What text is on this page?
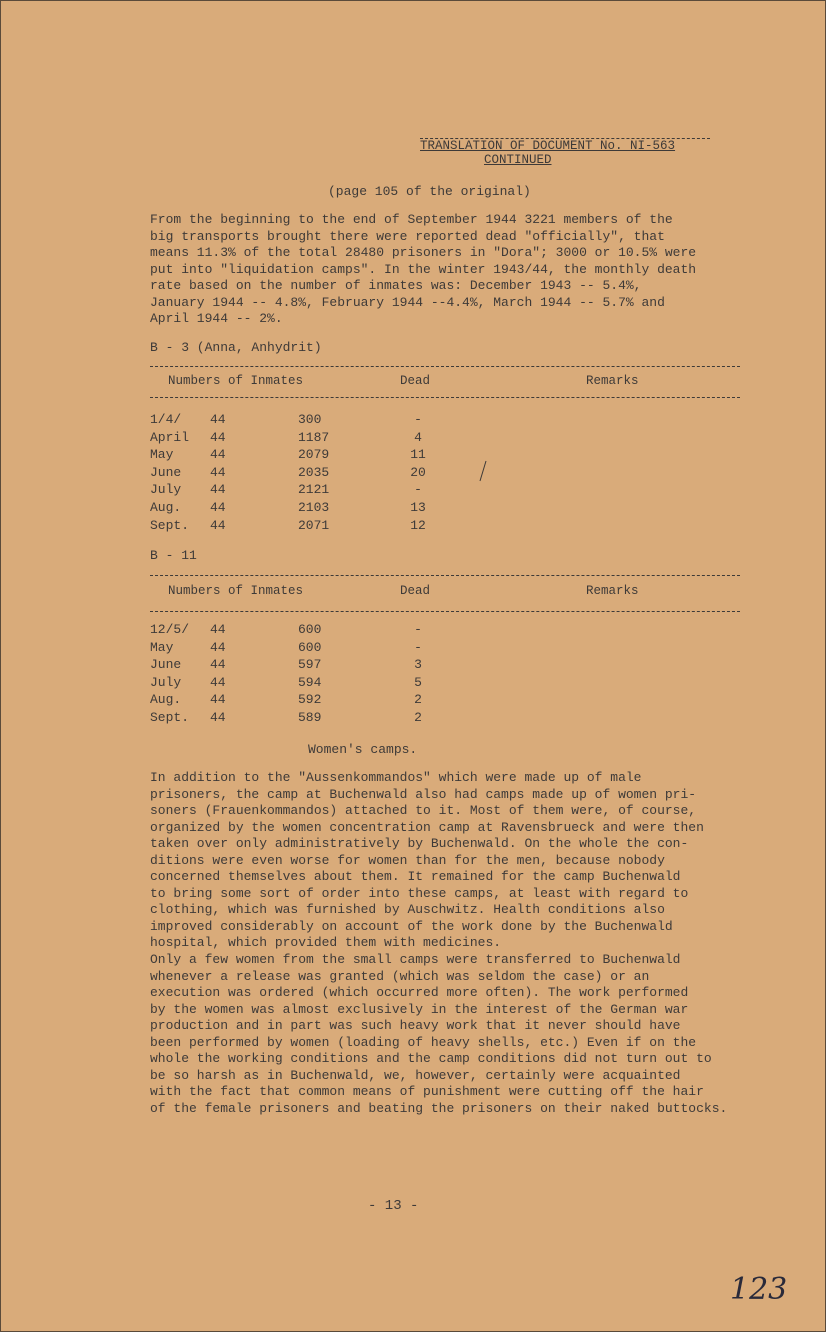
TRANSLATION OF DOCUMENT No. NI-563
CONTINUED
(page 105 of the original)
From the beginning to the end of September 1944 3221 members of the
big transports brought there were reported dead "officially", that
means 11.3% of the total 28480 prisoners in "Dora"; 3000 or 10.5% were
put into "liquidation camps". In the winter 1943/44, the monthly death
rate based on the number of inmates was: December 1943 -- 5.4%,
January 1944 -- 4.8%, February 1944 --4.4%, March 1944 -- 5.7% and
April 1944 -- 2%.
B - 3 (Anna, Anhydrit)
Numbers of Inmates	Dead	Remarks
1/4/ 44	300	-
April 44	1187	4
May	44	2079	11
June 44	2035	20
July 44	2121	-
Aug. 44	2103	13
Sept. 44	2071	12
B - 11
Numbers of Inmates	Dead	Remarks
12/5/ 44	600	-
May	44	600	-
June 44	597	3
July 44	594	5
Aug. 44	592	2
Sept. 44	589	2
Women's camps.
In addition to the "Aussenkommandos" which were made up of male
prisoners, the camp at Buchenwald also had camps made up of women pri-
soners (Frauenkommandos) attached to it. Most of them were, of course,
organized by the women concentration camp at Ravensbrueck and were then
taken over only administratively by Buchenwald. On the whole the con-
ditions were even worse for women than for the men, because nobody
concerned themselves about them. It remained for the camp Buchenwald
to bring some sort of order into these camps, at least with regard to
clothing, which was furnished by Auschwitz. Health conditions also
improved considerably on account of the work done by the Buchenwald
hospital, which provided them with medicines.
Only a few women from the small camps were transferred to Buchenwald
whenever a release was granted (which was seldom the case) or an
execution was ordered (which occurred more often). The work performed
by the women was almost exclusively in the interest of the German war
production and in part was such heavy work that it never should have
been performed by women (loading of heavy shells, etc.) Even if on the
whole the working conditions and the camp conditions did not turn out to
be so harsh as in Buchenwald, we, however, certainly were acquainted
with the fact that common means of punishment were cutting off the hair
of the female prisoners and beating the prisoners on their naked buttocks.
- 13 -
123
